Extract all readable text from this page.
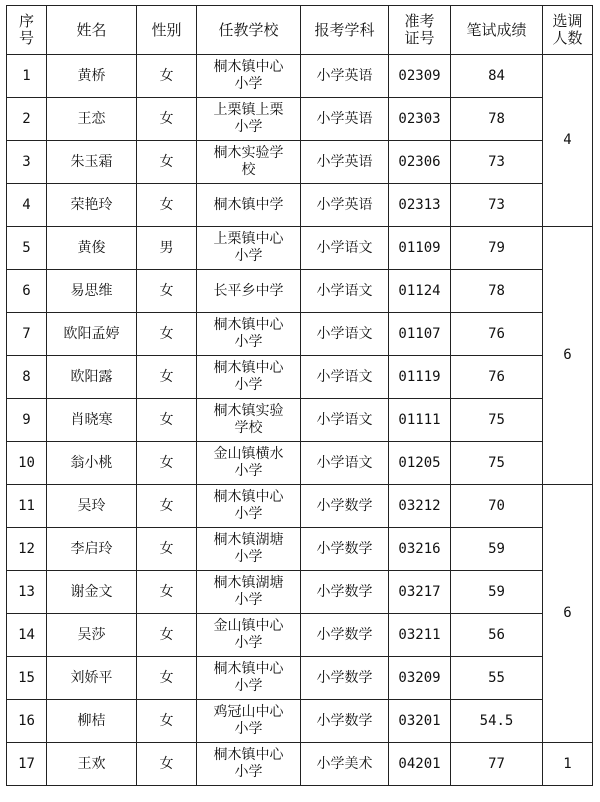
序
号	姓名	性别	任教学校	报考学科	准考
证号	笔试成绩	选调
人数
1	黄桥	女	桐木镇中心
小学	小学英语	02309	84	4
2	王恋	女	上栗镇上栗
小学	小学英语	02303	78	
3	朱玉霜	女	桐木实验学
校	小学英语	02306	73	
4	荣艳玲	女	桐木镇中学	小学英语	02313	73	
5	黄俊	男	上栗镇中心
小学	小学语文	01109	79	6
6	易思维	女	长平乡中学	小学语文	01124	78	
7	欧阳孟婷	女	桐木镇中心
小学	小学语文	01107	76	
8	欧阳露	女	桐木镇中心
小学	小学语文	01119	76	
9	肖晓寒	女	桐木镇实验
学校	小学语文	01111	75	
10	翁小桃	女	金山镇横水
小学	小学语文	01205	75	
11	吴玲	女	桐木镇中心
小学	小学数学	03212	70	6
12	李启玲	女	桐木镇湖塘
小学	小学数学	03216	59	
13	谢金文	女	桐木镇湖塘
小学	小学数学	03217	59	
14	吴莎	女	金山镇中心
小学	小学数学	03211	56	
15	刘娇平	女	桐木镇中心
小学	小学数学	03209	55	
16	柳桔	女	鸡冠山中心
小学	小学数学	03201	54.5	
17	王欢	女	桐木镇中心
小学	小学美术	04201	77	1
